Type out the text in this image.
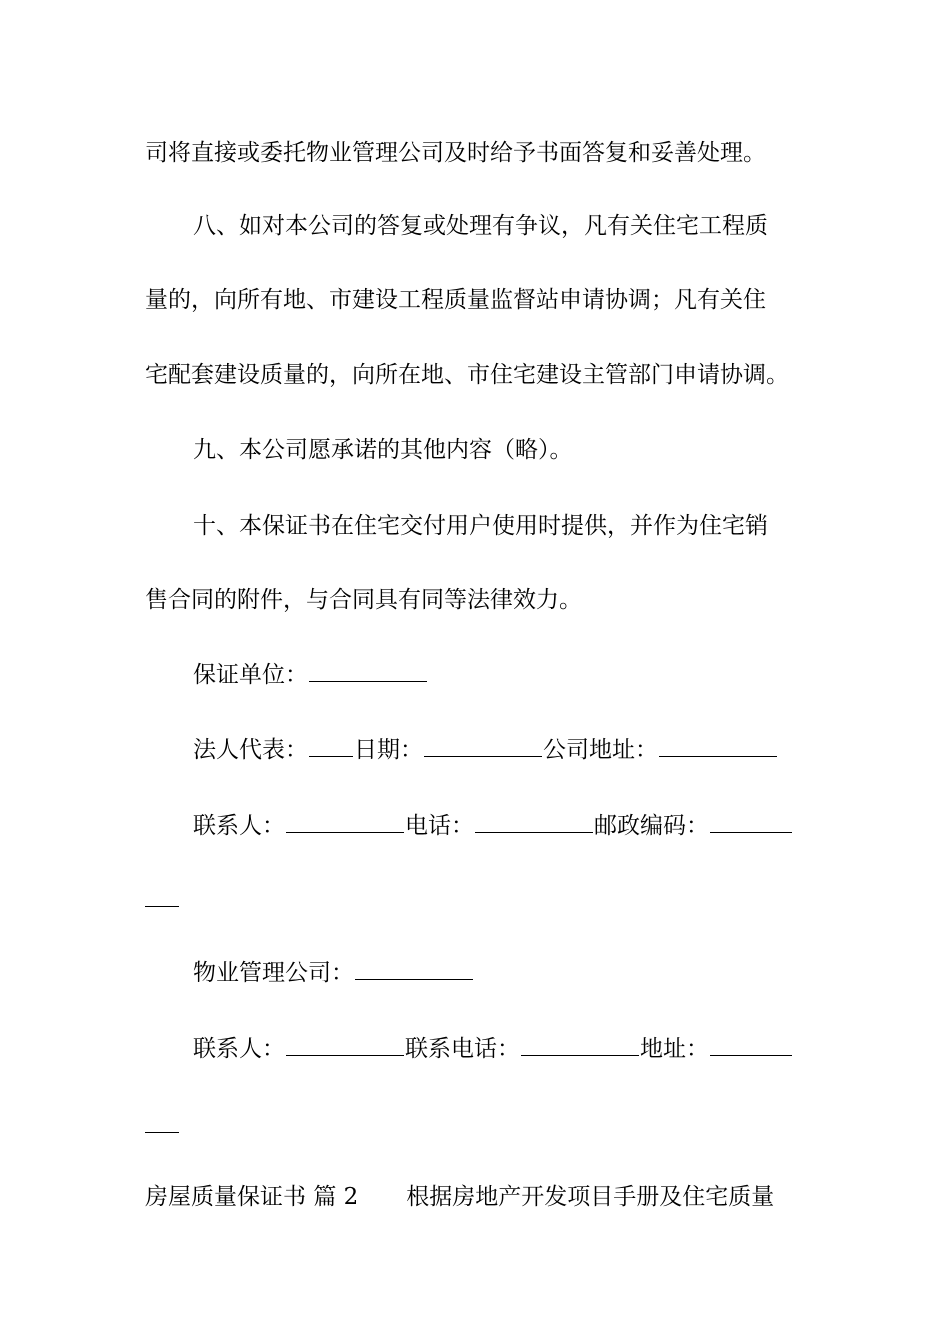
司将直接或委托物业管理公司及时给予书面答复和妥善处理。
八、如对本公司的答复或处理有争议，凡有关住宅工程质
量的，向所有地、市建设工程质量监督站申请协调；凡有关住
宅配套建设质量的，向所在地、市住宅建设主管部门申请协调。
九、本公司愿承诺的其他内容（略）。
十、本保证书在住宅交付用户使用时提供，并作为住宅销
售合同的附件，与合同具有同等法律效力。
保证单位：
法人代表： 日期：	公司地址：
联系人：	电话：	邮政编码：
物业管理公司：
联系人：	联系电话：	地址：
房屋质量保证书 篇 2 根据房地产开发项目手册及住宅质量
